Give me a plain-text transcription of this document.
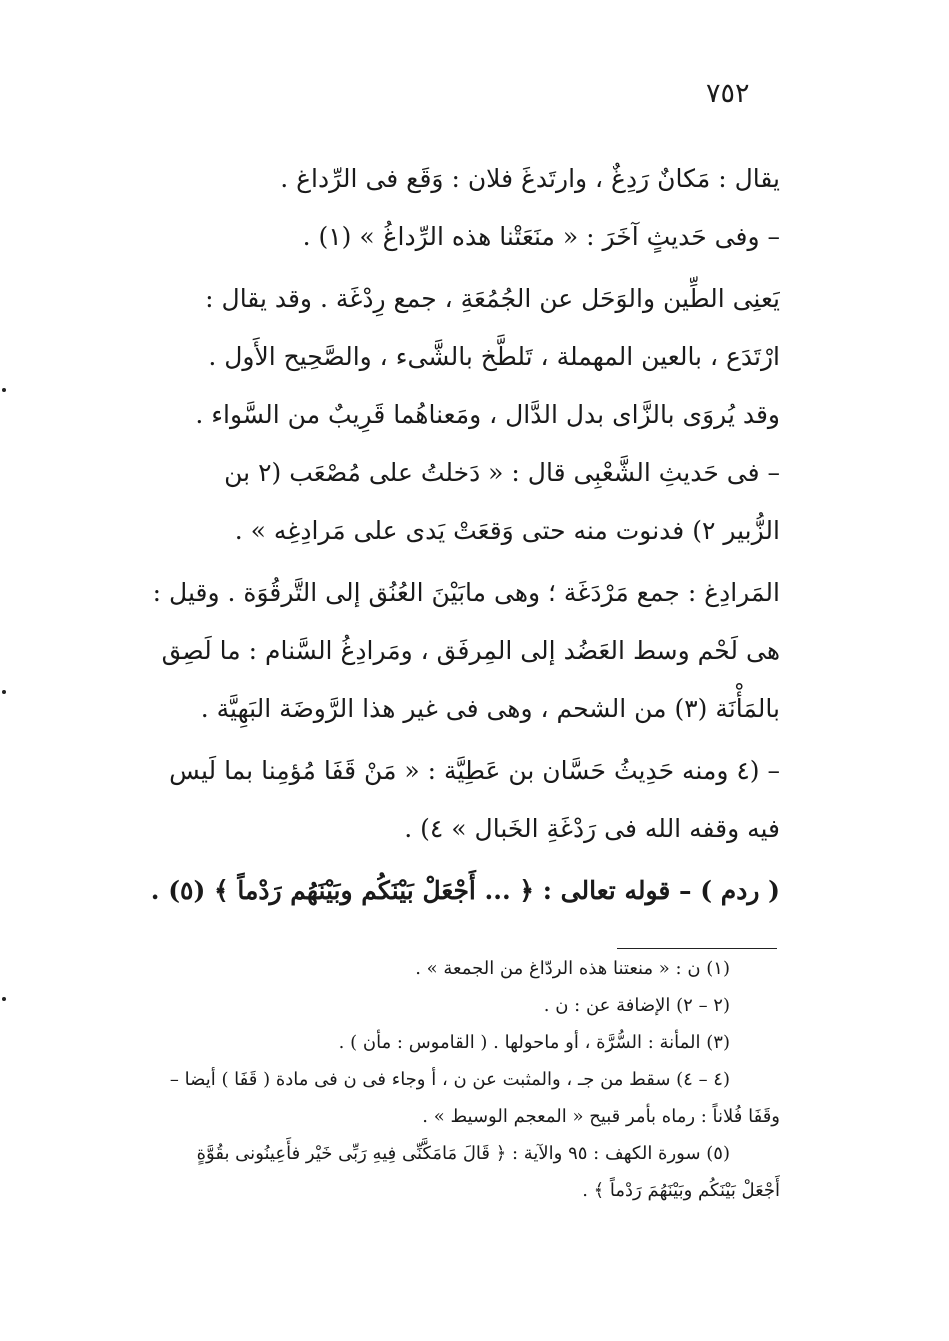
٧٥٢
يقال : مَكانٌ رَدِغٌ ، وارتَدغَ فلان : وَقَع فى الرِّداغ .
– وفى حَديثٍ آخَرَ : « منَعَتْنا هذه الرِّداغُ » (١) .
يَعنِى الطِّين والوَحَل عن الجُمُعَةِ ، جمع رِدْغَة . وقد يقال :
ارْتَدَع ، بالعين المهملة ، تَلطَّخ بالشَّىء ، والصَّحِيح الأَول .
وقد يُروَى بالزَّاى بدل الدَّال ، ومَعناهُما قَرِيبٌ من السَّواء .
– فى حَديثِ الشَّعْبِى قال : « دَخلتُ على مُصْعَب (٢ بن
الزُّبير ٢) فدنوت منه حتى وَقعَتْ يَدى على مَرادِغِه » .
المَرادِغ : جمع مَرْدَغَة ؛ وهى مابَيْنَ العُنُق إلى التَّرقُوَة . وقيل :
هى لَحْم وسط العَضُد إلى المِرفَق ، ومَرادِغُ السَّنام : ما لَصِق
بالمَأْنَة (٣) من الشحم ، وهى فى غير هذا الرَّوضَة البَهِيَّة .
– (٤ ومنه حَدِيثُ حَسَّان بن عَطِيَّة : « مَنْ قَفَا مُؤمِنا بما لَيس
فيه وقفه الله فى رَدْغَةِ الخَبال » ٤) .
( ردم ) – قوله تعالى : ﴿ ... أَجْعَلْ بَيْنَكُم وبَيْنَهُم رَدْماً ﴾ (٥) .
(١) ن : « منعتنا هذه الردّاغ من الجمعة » .
(٢ – ٢) الإضافة عن : ن .
(٣) المأنة : السُّرَّة ، أو ماحولها . ( القاموس : مأن ) .
(٤ – ٤) سقط من جـ ، والمثبت عن ن ، أ وجاء فى ن فى مادة ( قَفَا ) أيضا –
وقَفَا فُلاناً : رماه بأمر قبيح « المعجم الوسيط » .
(٥) سورة الكهف : ٩٥ والآية : ﴿ قَالَ مَامَكَّنِّى فِيهِ رَبِّى خَيْر فأَعِينُونى بقُوَّةٍ
أَجْعَلْ بَيْنَكُم وبَيْنَهُمَ رَدْماً ﴾ .
